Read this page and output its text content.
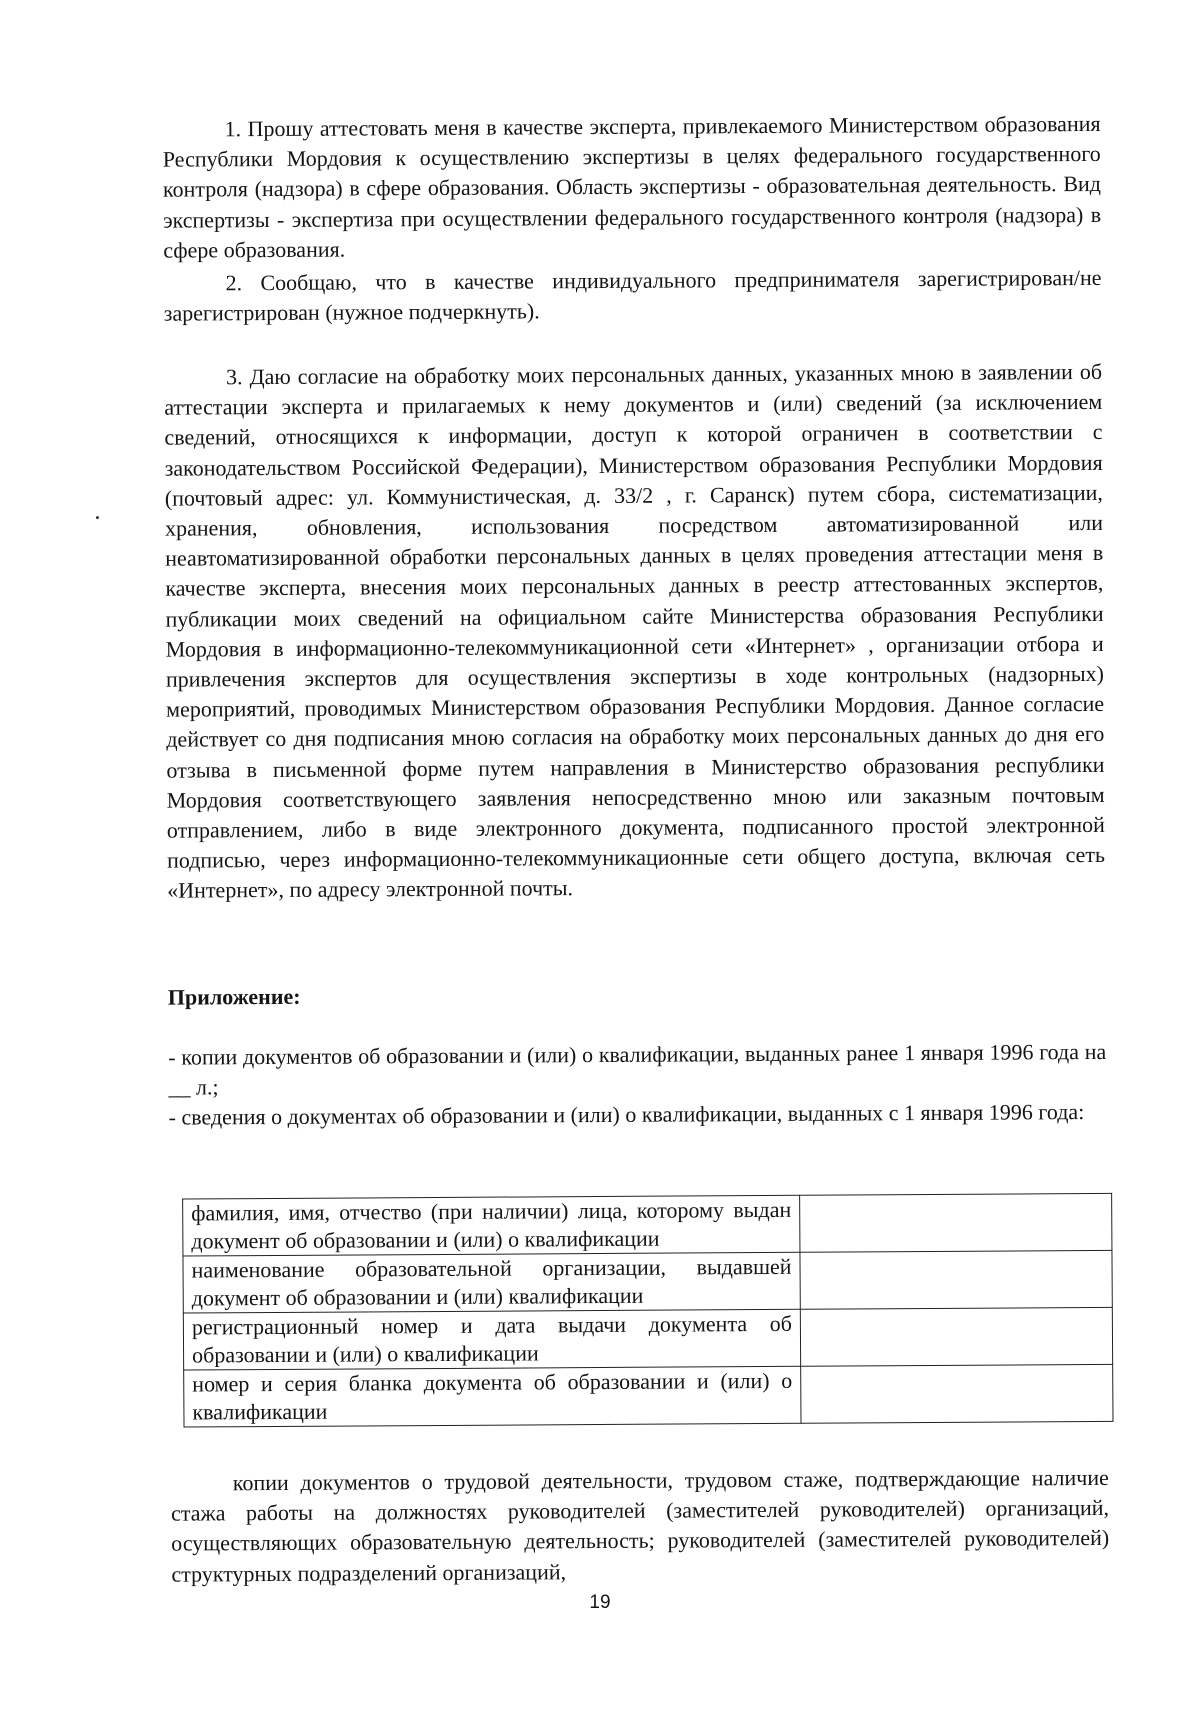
1. Прошу аттестовать меня в качестве эксперта, привлекаемого Министерством образования Республики Мордовия к осуществлению экспертизы в целях федерального государственного контроля (надзора) в сфере образования. Область экспертизы - образовательная деятельность. Вид экспертизы - экспертиза при осуществлении федерального государственного контроля (надзора) в сфере образования.

2. Сообщаю, что в качестве индивидуального предпринимателя зарегистрирован/не зарегистрирован (нужное подчеркнуть).

3. Даю согласие на обработку моих персональных данных, указанных мною в заявлении об аттестации эксперта и прилагаемых к нему документов и (или) сведений (за исключением сведений, относящихся к информации, доступ к которой ограничен в соответствии с законодательством Российской Федерации), Министерством образования Республики Мордовия (почтовый адрес: ул. Коммунистическая, д. 33/2 , г. Саранск) путем сбора, систематизации, хранения, обновления, использования посредством автоматизированной или неавтоматизированной обработки персональных данных в целях проведения аттестации меня в качестве эксперта, внесения моих персональных данных в реестр аттестованных экспертов, публикации моих сведений на официальном сайте Министерства образования Республики Мордовия в информационно-телекоммуникационной сети «Интернет» , организации отбора и привлечения экспертов для осуществления экспертизы в ходе контрольных (надзорных) мероприятий, проводимых Министерством образования Республики Мордовия. Данное согласие действует со дня подписания мною согласия на обработку моих персональных данных до дня его отзыва в письменной форме путем направления в Министерство образования республики Мордовия соответствующего заявления непосредственно мною или заказным почтовым отправлением, либо в виде электронного документа, подписанного простой электронной подписью, через информационно-телекоммуникационные сети общего доступа, включая сеть «Интернет», по адресу электронной почты.

Приложение:

- копии документов об образовании и (или) о квалификации, выданных ранее 1 января 1996 года на __ л.;

- сведения о документах об образовании и (или) о квалификации, выданных с 1 января 1996 года:

фамилия, имя, отчество (при наличии) лица, которому выдан документ об образовании и (или) о квалификации	
наименование образовательной организации, выдавшей документ об образовании и (или) квалификации	
регистрационный номер и дата выдачи документа об образовании и (или) о квалификации	
номер и серия бланка документа об образовании и (или) о квалификации	

копии документов о трудовой деятельности, трудовом стаже, подтверждающие наличие стажа работы на должностях руководителей (заместителей руководителей) организаций, осуществляющих образовательную деятельность; руководителей (заместителей руководителей) структурных подразделений организаций,

19
